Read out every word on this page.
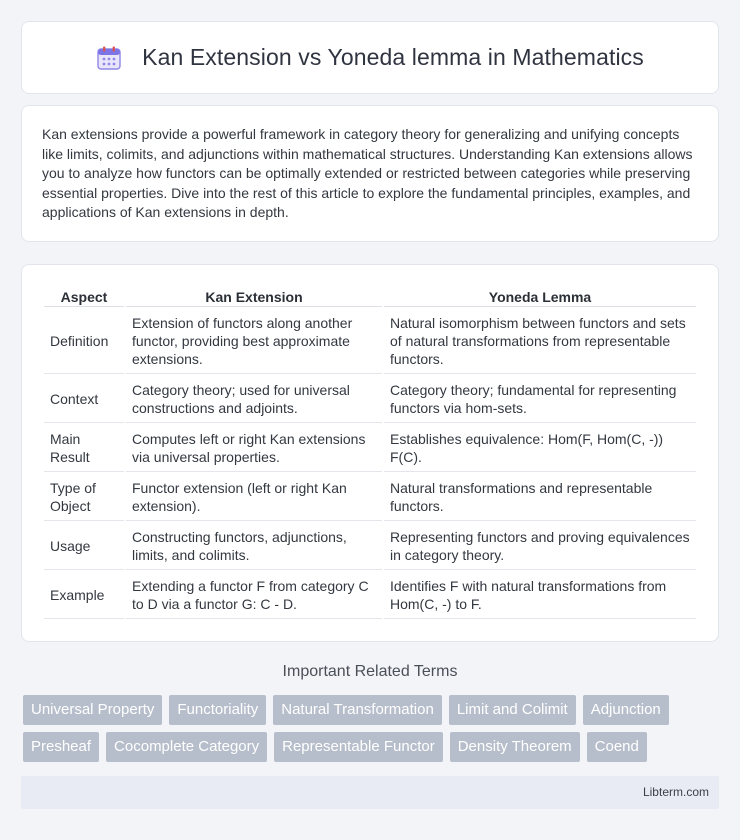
Kan Extension vs Yoneda lemma in Mathematics

Kan extensions provide a powerful framework in category theory for generalizing and unifying concepts like limits, colimits, and adjunctions within mathematical structures. Understanding Kan extensions allows you to analyze how functors can be optimally extended or restricted between categories while preserving essential properties. Dive into the rest of this article to explore the fundamental principles, examples, and applications of Kan extensions in depth.

Aspect	Kan Extension	Yoneda Lemma
Definition	Extension of functors along another functor, providing best approximate extensions.	Natural isomorphism between functors and sets of natural transformations from representable functors.
Context	Category theory; used for universal constructions and adjoints.	Category theory; fundamental for representing functors via hom-sets.
Main Result	Computes left or right Kan extensions via universal properties.	Establishes equivalence: Hom(F, Hom(C, -)) F(C).
Type of Object	Functor extension (left or right Kan extension).	Natural transformations and representable functors.
Usage	Constructing functors, adjunctions, limits, and colimits.	Representing functors and proving equivalences in category theory.
Example	Extending a functor F from category C to D via a functor G: C - D.	Identifies F with natural transformations from Hom(C, -) to F.
Important Related Terms
Universal Property	Functoriality	Natural Transformation	Limit and Colimit	Adjunction
Presheaf	Cocomplete Category	Representable Functor	Density Theorem	Coend
Libterm.com
